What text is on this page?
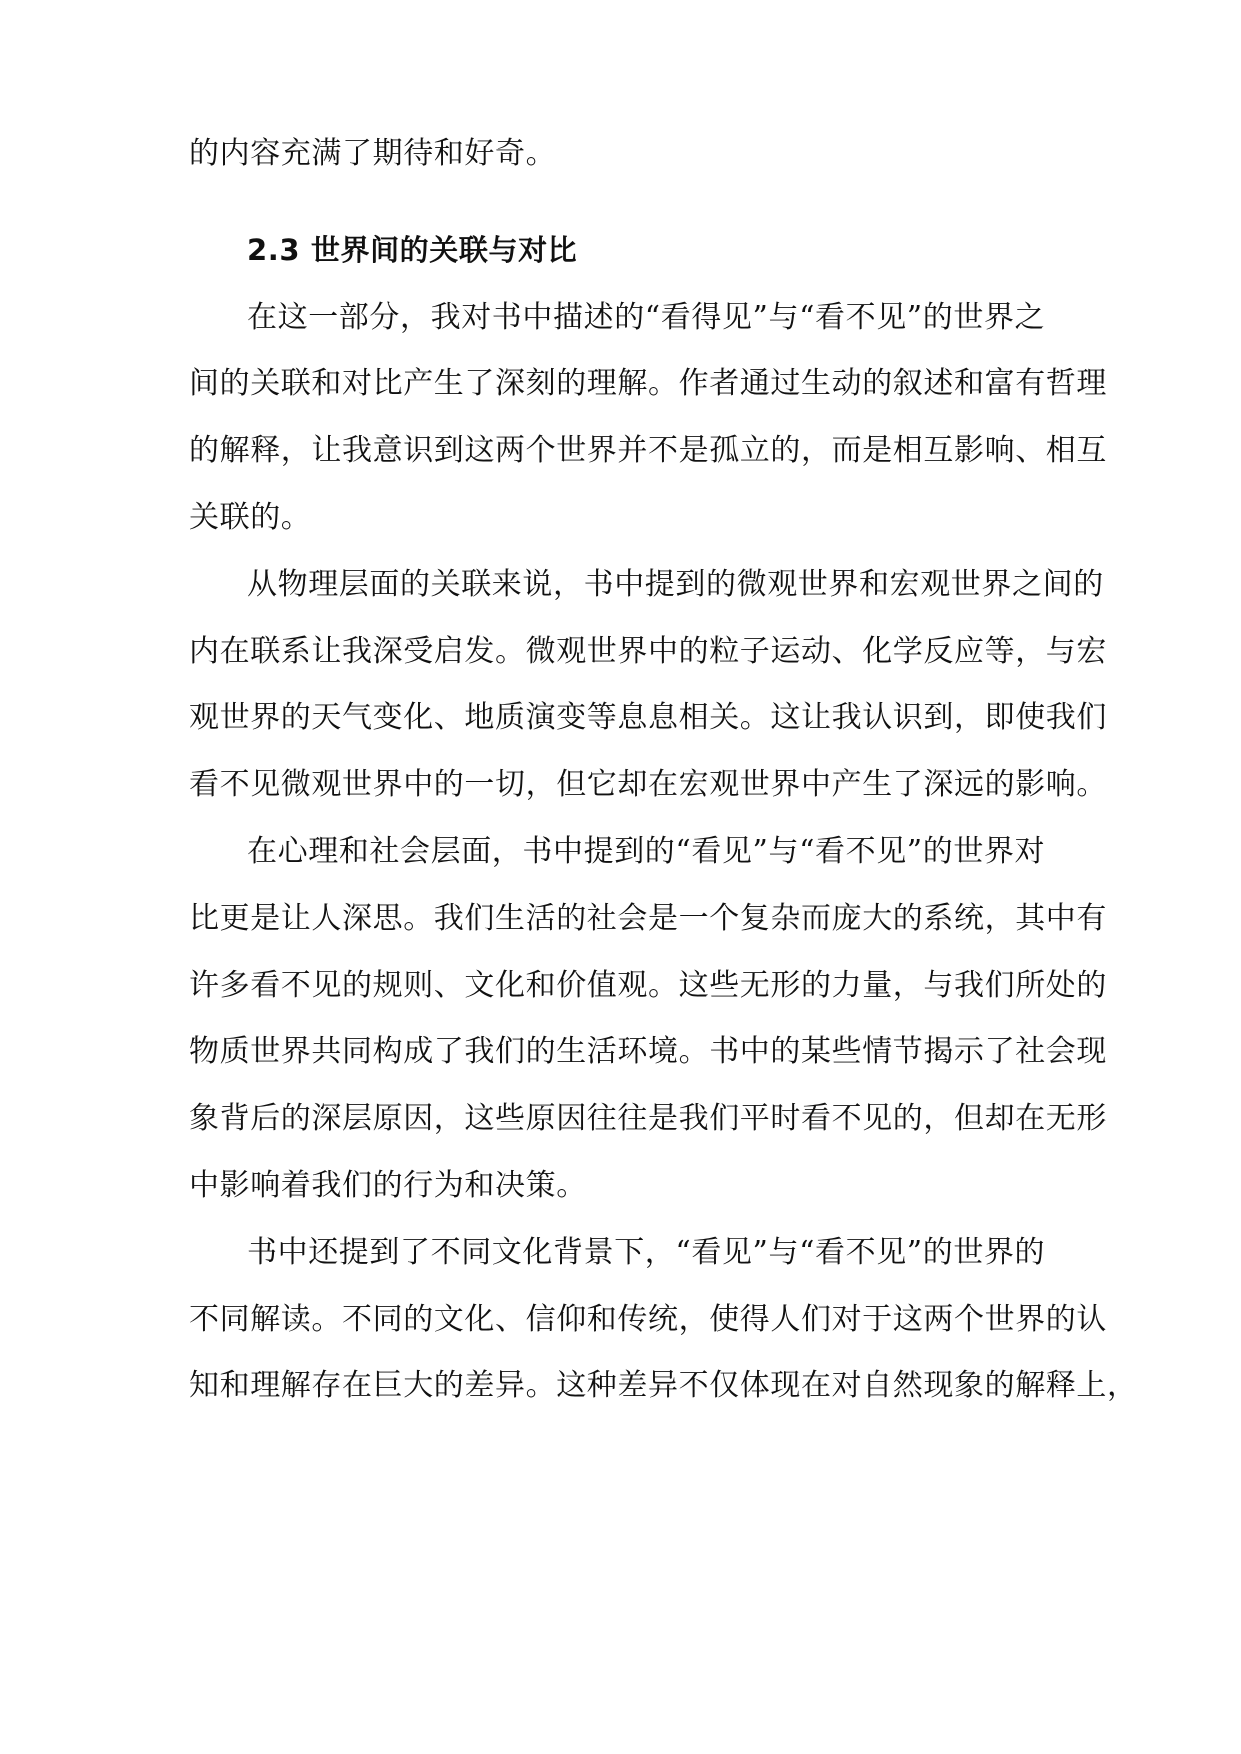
的内容充满了期待和好奇。
2.3 世界间的关联与对比
在这一部分，我对书中描述的“看得见”与“看不见”的世界之
间的关联和对比产生了深刻的理解。作者通过生动的叙述和富有哲理
的解释，让我意识到这两个世界并不是孤立的，而是相互影响、相互
关联的。
从物理层面的关联来说，书中提到的微观世界和宏观世界之间的
内在联系让我深受启发。微观世界中的粒子运动、化学反应等，与宏
观世界的天气变化、地质演变等息息相关。这让我认识到，即使我们
看不见微观世界中的一切，但它却在宏观世界中产生了深远的影响。
在心理和社会层面，书中提到的“看见”与“看不见”的世界对
比更是让人深思。我们生活的社会是一个复杂而庞大的系统，其中有
许多看不见的规则、文化和价值观。这些无形的力量，与我们所处的
物质世界共同构成了我们的生活环境。书中的某些情节揭示了社会现
象背后的深层原因，这些原因往往是我们平时看不见的，但却在无形
中影响着我们的行为和决策。
书中还提到了不同文化背景下，“看见”与“看不见”的世界的
不同解读。不同的文化、信仰和传统，使得人们对于这两个世界的认
知和理解存在巨大的差异。这种差异不仅体现在对自然现象的解释上，
